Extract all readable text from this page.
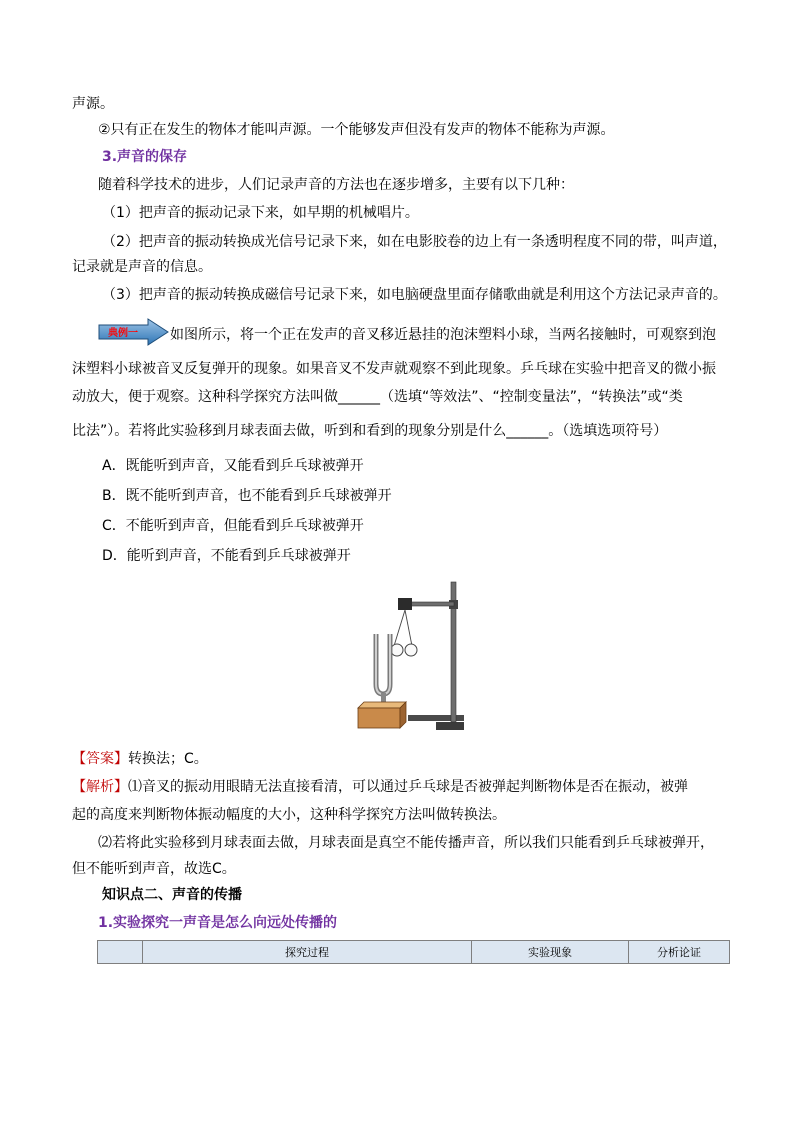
声源。
②只有正在发生的物体才能叫声源。一个能够发声但没有发声的物体不能称为声源。
3.声音的保存
随着科学技术的进步，人们记录声音的方法也在逐步增多，主要有以下几种：
（1）把声音的振动记录下来，如早期的机械唱片。
（2）把声音的振动转换成光信号记录下来，如在电影胶卷的边上有一条透明程度不同的带，叫声道，
记录就是声音的信息。
（3）把声音的振动转换成磁信号记录下来，如电脑硬盘里面存储歌曲就是利用这个方法记录声音的。
典例一 如图所示，将一个正在发声的音叉移近悬挂的泡沫塑料小球，当两名接触时，可观察到泡
沫塑料小球被音叉反复弹开的现象。如果音叉不发声就观察不到此现象。乒乓球在实验中把音叉的微小振
动放大，便于观察。这种科学探究方法叫做______（选填“等效法”、“控制变量法”，“转换法”或“类
比法”）。若将此实验移到月球表面去做，听到和看到的现象分别是什么______。（选填选项符号）
A．既能听到声音，又能看到乒乓球被弹开
B．既不能听到声音，也不能看到乒乓球被弹开
C．不能听到声音，但能看到乒乓球被弹开
D．能听到声音，不能看到乒乓球被弹开
【答案】转换法；C。
【解析】⑴音叉的振动用眼睛无法直接看清，可以通过乒乓球是否被弹起判断物体是否在振动，被弹
起的高度来判断物体振动幅度的大小，这种科学探究方法叫做转换法。
⑵若将此实验移到月球表面去做，月球表面是真空不能传播声音，所以我们只能看到乒乓球被弹开，
但不能听到声音，故选C。
知识点二、声音的传播
1.实验探究一声音是怎么向远处传播的
	探究过程	实验现象	分析论证
